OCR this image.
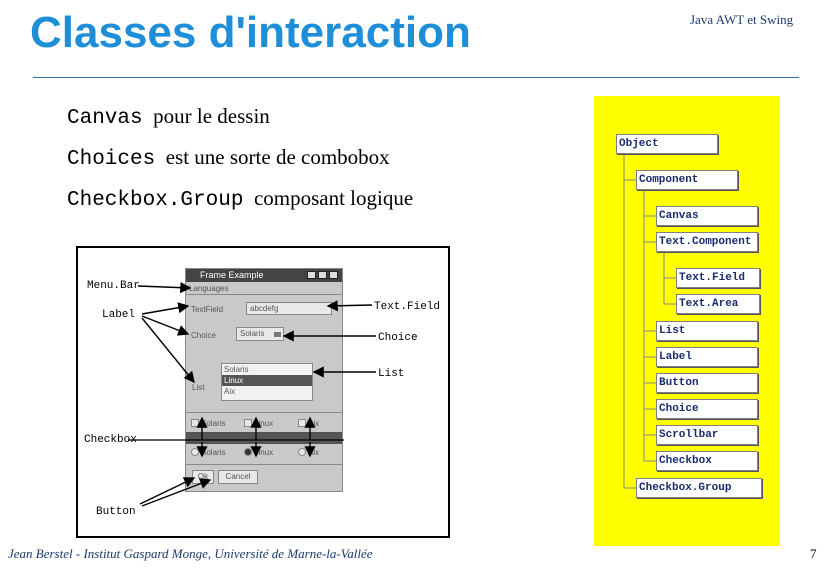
Classes d'interaction	Java AWT et Swing
Canvas pour le dessin
Choices est une sorte de combobox
Checkbox.Group composant logique
Menu.Bar
Label
Text.Field
Choice
List
Checkbox
Button
Frame Example
Languages
TextField	abcdefg
Choice	Solaris
List
Solaris
Linux
Aix
Solaris	Linux	Aix
Solaris	Linux	Aix
Ok	Cancel
Object
Component
Canvas
Text.Component
Text.Field
Text.Area
List
Label
Button
Choice
Scrollbar
Checkbox
Checkbox.Group
Jean Berstel - Institut Gaspard Monge, Université de Marne-la-Vallée	7
